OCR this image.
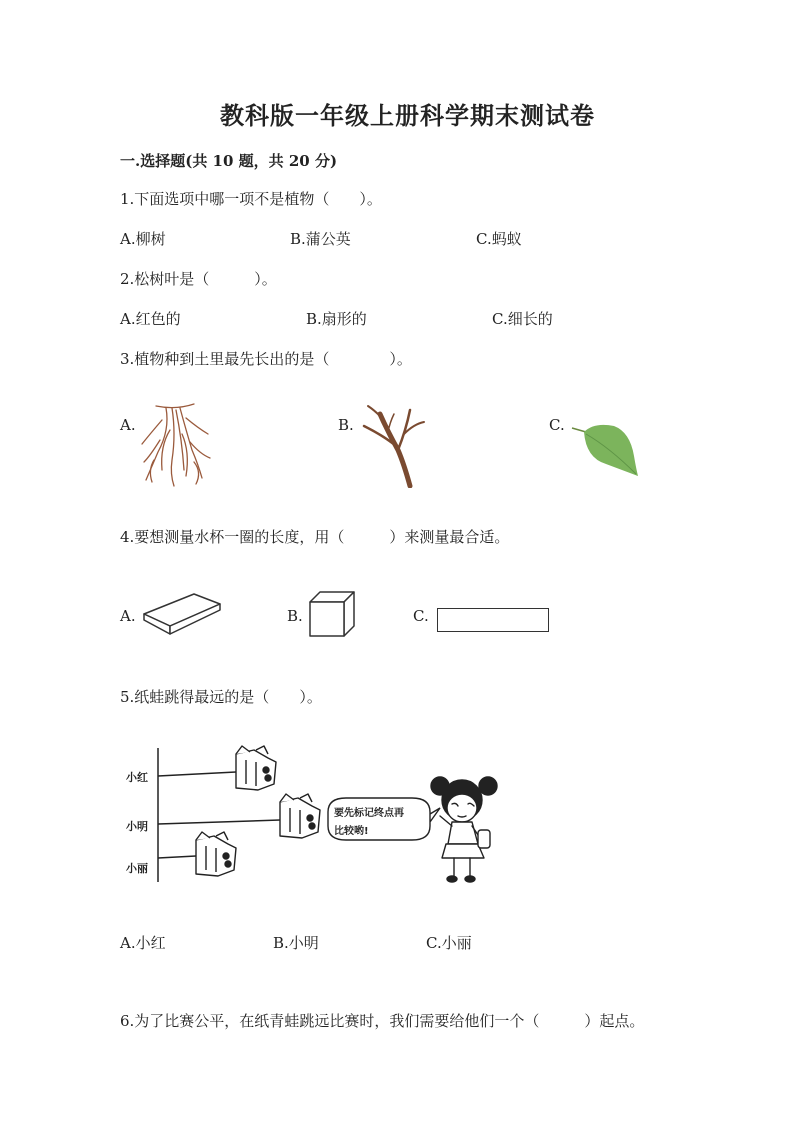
教科版一年级上册科学期末测试卷
一.选择题(共 10 题，共 20 分)
1.下面选项中哪一项不是植物（　　）。
A.柳树	B.蒲公英	C.蚂蚁
2.松树叶是（　　　）。
A.红色的	B.扇形的	C.细长的
3.植物种到土里最先长出的是（　　　　）。
A.	B.	C.
4.要想测量水杯一圈的长度，用（　　　）来测量最合适。
A.	B.	C.
5.纸蛙跳得最远的是（　　）。
小红
小明
小丽
要先标记终点再
比较哟!
A.小红	B.小明	C.小丽
6.为了比赛公平，在纸青蛙跳远比赛时，我们需要给他们一个（　　　）起点。
